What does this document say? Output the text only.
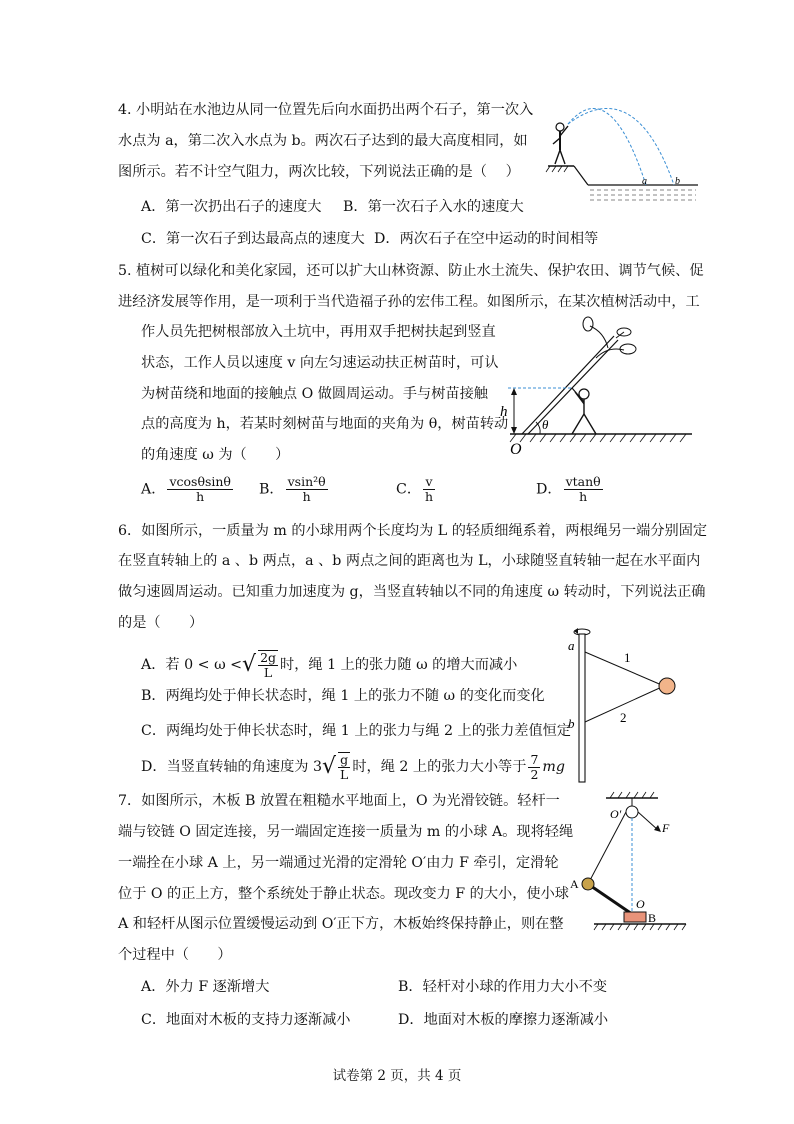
4. 小明站在水池边从同一位置先后向水面扔出两个石子，第一次入
水点为 a，第二次入水点为 b。两次石子达到的最大高度相同，如
图所示。若不计空气阻力，两次比较，下列说法正确的是（　 ）
A．第一次扔出石子的速度大 B．第一次石子入水的速度大
C．第一次石子到达最高点的速度大 D．两次石子在空中运动的时间相等
a	b
5. 植树可以绿化和美化家园，还可以扩大山林资源、防止水土流失、保护农田、调节气候、促
进经济发展等作用，是一项利于当代造福子孙的宏伟工程。如图所示，在某次植树活动中，工
作人员先把树根部放入土坑中，再用双手把树扶起到竖直
状态，工作人员以速度 v 向左匀速运动扶正树苗时，可认
为树苗绕和地面的接触点 O 做圆周运动。手与树苗接触
点的高度为 h，若某时刻树苗与地面的夹角为 θ，树苗转动
的角速度 ω 为（　　）
A． $\frac{vcos\theta\sin\theta}{h}$ B． $\frac{\text{vsin²θ}}{h}$	C． $\frac{v}{h}$	D． $\frac{vtan\theta}{h}$
h
O
θ
6．如图所示，一质量为 m 的小球用两个长度均为 L 的轻质细绳系着，两根绳另一端分别固定
在竖直转轴上的 a 、b 两点，a 、b 两点之间的距离也为 L，小球随竖直转轴一起在水平面内
做匀速圆周运动。已知重力加速度为 g，当竖直转轴以不同的角速度 ω 转动时，下列说法正确
的是（　　）
A．若 0 < ω <√ $\frac{2g}{L}$ 时，绳 1 上的张力随 ω 的增大而减小
B．两绳均处于伸长状态时，绳 1 上的张力不随 ω 的变化而变化
C．两绳均处于伸长状态时，绳 1 上的张力与绳 2 上的张力差值恒定
D．当竖直转轴的角速度为 $3√ \frac{g}{L}$ 时，绳 2 上的张力大小等于 $\frac{7}{2}$ mg
a
b
1
2
7．如图所示，木板 B 放置在粗糙水平地面上，O 为光滑铰链。轻杆一
端与铰链 O 固定连接，另一端固定连接一质量为 m 的小球 A。现将轻绳
一端拴在小球 A 上，另一端通过光滑的定滑轮 O′由力 F 牵引，定滑轮
位于 O 的正上方，整个系统处于静止状态。现改变力 F 的大小，使小球
A 和轻杆从图示位置缓慢运动到 O′正下方，木板始终保持静止，则在整
个过程中（　　）
A．外力 F 逐渐增大	B．轻杆对小球的作用力大小不变
C．地面对木板的支持力逐渐减小	D．地面对木板的摩擦力逐渐减小
O′
F
A
O
B
试卷第 2 页，共 4 页
